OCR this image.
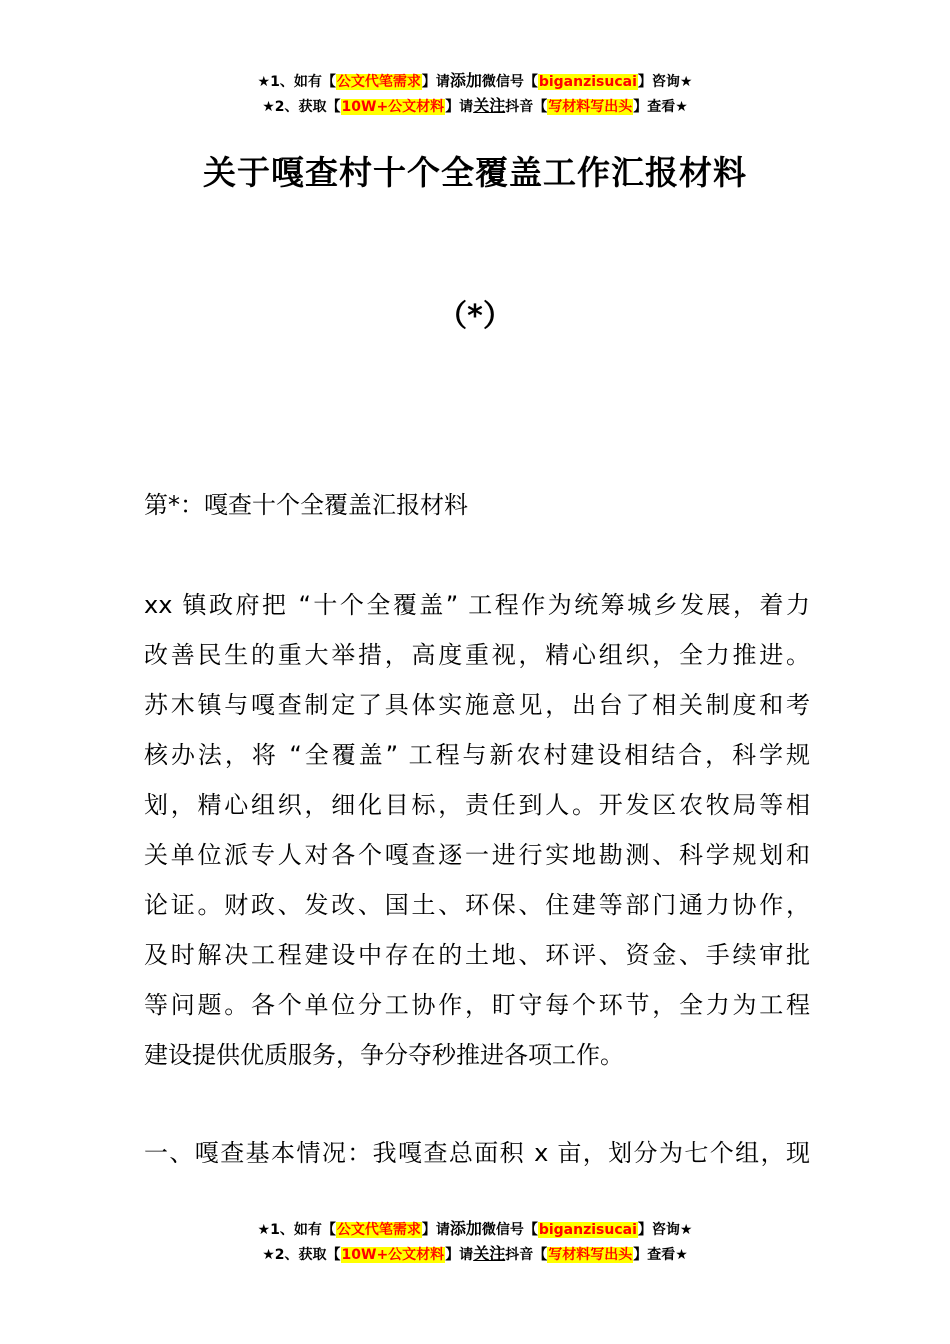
★1、如有【公文代笔需求】请添加微信号【biganzisucai】咨询★
★2、获取【10W+公文材料】请关注抖音【写材料写出头】查看★
关于嘎查村十个全覆盖工作汇报材料
（*）
第*：嘎查十个全覆盖汇报材料
xx 镇政府把 “十个全覆盖” 工程作为统筹城乡发展，着力
改善民生的重大举措，高度重视，精心组织，全力推进。
苏木镇与嘎查制定了具体实施意见，出台了相关制度和考
核办法，将 “全覆盖” 工程与新农村建设相结合，科学规
划，精心组织，细化目标，责任到人。开发区农牧局等相
关单位派专人对各个嘎查逐一进行实地勘测、科学规划和
论证。财政、发改、国土、环保、住建等部门通力协作，
及时解决工程建设中存在的土地、环评、资金、手续审批
等问题。各个单位分工协作，盯守每个环节，全力为工程
建设提供优质服务，争分夺秒推进各项工作。
一、嘎查基本情况：我嘎查总面积 x 亩，划分为七个组，现
★1、如有【公文代笔需求】请添加微信号【biganzisucai】咨询★
★2、获取【10W+公文材料】请关注抖音【写材料写出头】查看★
